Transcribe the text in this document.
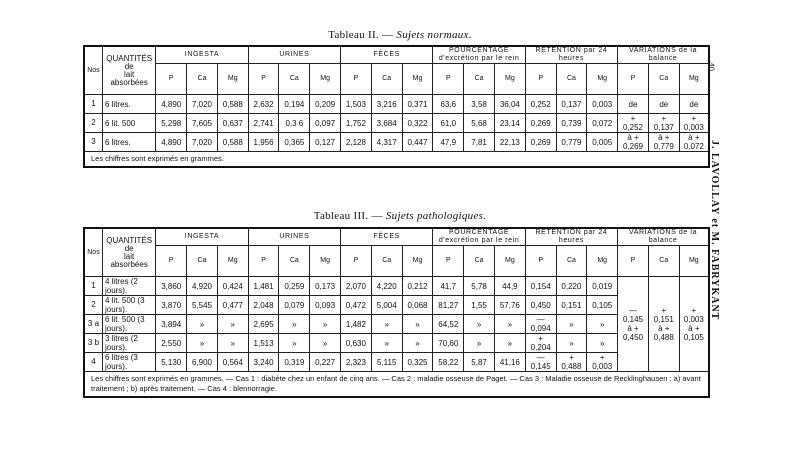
Tableau II. — Sujets normaux.
Nos	QUANTITÉS
de
lait
absorbées	INGESTA			URINES			FÈCES			POURCENTAGE d'excrétion par le rein			RÉTENTION par 24 heures			VARIATIONS de la balance		
		P	Ca	Mg	P	Ca	Mg	P	Ca	Mg	P	Ca	Mg	P	Ca	Mg	P	Ca	Mg
1	6 litres.	4,890	7,020	0,588	2,632	0,194	0,209	1,503	3,216	0,371	63,6	3,58	36,04	0,252	0,137	0,003	de	de	de
2	6 lit. 500	5,298	7,605	0,637	2,741	0,3 6	0,097	1,752	3,684	0,322	61,0	5,68	23,14	0,269	0,739	0,072	+ 0,252	+ 0,137	+ 0,003
3	6 litres.	4,890	7,020	0,588	1,956	0,365	0,127	2,128	4,317	0,447	47,9	7,81	22,13	0,269	0,779	0,005	à + 0,269	à + 0,779	à + 0,072
Les chiffres sont exprimés en grammes.																			
Tableau III. — Sujets pathologiques.
Nos	QUANTITÉS
de
lait
absorbées	INGESTA			URINES			FÈCES			POURCENTAGE d'excrétion par le rein			RÉTENTION par 24 heures			VARIATIONS de la balance		
		P	Ca	Mg	P	Ca	Mg	P	Ca	Mg	P	Ca	Mg	P	Ca	Mg	P	Ca	Mg
1	4 litres (2 jours).	3,860	4,920	0,424	1,481	0,259	0,173	2,070	4,220	0,212	41,7	5,78	44,9	0,154	0,220	0,019	— 0,145 à + 0,450	+ 0,151 à + 0,488	+ 0,003 à + 0,105
2	4 lit. 500 (3 jours).	3,870	5,545	0,477	2,048	0,079	0,093	0,472	5,004	0,068	81,27	1,55	57,76	0,450	0,151	0,105			
3 a	6 lit. 500 (3 jours).	3,894	»	»	2,695	»	»	1,482	»	»	64,52	»	»	— 0,094	»	»			
3 b	3 litres (2 jours).	2,550	»	»	1,513	»	»	0,630	»	»	70,60	»	»	+ 0,204	»	»			
4	6 litres (3 jours).	5,130	6,900	0,564	3,240	0,319	0,227	2,323	5,115	0,325	58,22	5,87	41,16	— 0,145	+ 0,488	+ 0,003			
Les chiffres sont exprimés en grammes. — Cas 1 : diabète chez un enfant de cinq ans. — Cas 2 : maladie osseuse de Paget. — Cas 3 : Maladie osseuse de Recklinghausen : a) avant traitement ; b) après traitement. — Cas 4 : blennorragie.																			
40
J. LAVOLLAY et M. FABRYKANT
